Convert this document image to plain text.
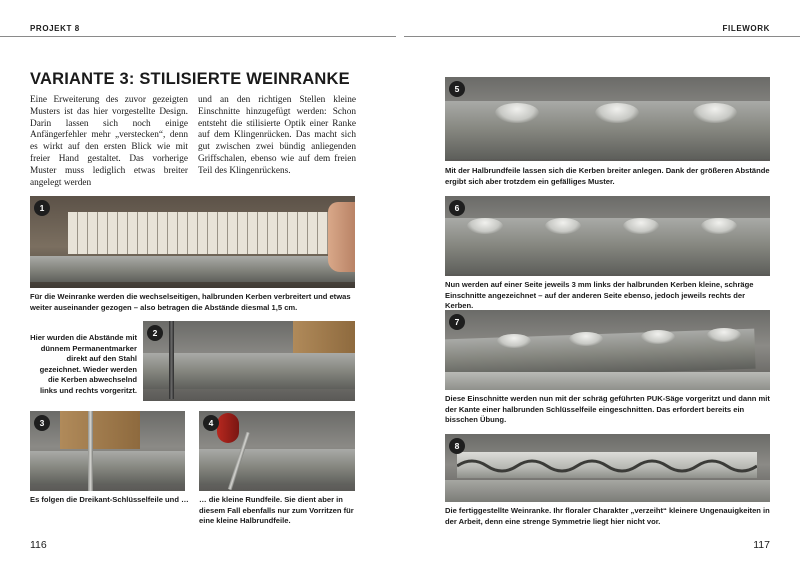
PROJEKT 8	FILEWORK
VARIANTE 3: STILISIERTE WEINRANKE

Eine Erweiterung des zuvor gezeigten Musters ist das hier vorgestellte Design. Darin lassen sich noch einige Anfängerfehler mehr „verstecken“, denn es wirkt auf den ersten Blick wie mit freier Hand gestaltet. Das vorherige Muster muss lediglich etwas breiter angelegt werden

und an den richtigen Stellen kleine Einschnitte hinzugefügt werden: Schon entsteht die stilisierte Optik einer Ranke auf dem Klingenrücken. Das macht sich gut zwischen zwei bündig anliegenden Griffschalen, ebenso wie auf dem freien Teil des Klingenrückens.

1
Für die Weinranke werden die wechselseitigen, halbrunden Kerben verbreitert und etwas weiter auseinander gezogen – also betragen die Abstände diesmal 1,5 cm.
2
Hier wurden die Abstände mit dünnem Permanentmarker direkt auf den Stahl gezeichnet. Wieder werden die Kerben abwechselnd links und rechts vorgeritzt.
3
Es folgen die Dreikant-Schlüsselfeile und …
4
… die kleine Rundfeile. Sie dient aber in diesem Fall ebenfalls nur zum Vorritzen für eine kleine Halbrundfeile.
5
Mit der Halbrundfeile lassen sich die Kerben breiter anlegen. Dank der größeren Abstände ergibt sich aber trotzdem ein gefälliges Muster.
6
Nun werden auf einer Seite jeweils 3 mm links der halbrunden Kerben kleine, schräge Einschnitte angezeichnet – auf der anderen Seite ebenso, jedoch jeweils rechts der Kerben.
7
Diese Einschnitte werden nun mit der schräg geführten PUK-Säge vorgeritzt und dann mit der Kante einer halbrunden Schlüsselfeile eingeschnitten. Das erfordert bereits ein bisschen Übung.
8
Die fertiggestellte Weinranke. Ihr floraler Charakter „verzeiht“ kleinere Ungenauigkeiten in der Arbeit, denn eine strenge Symmetrie liegt hier nicht vor.
116	117
